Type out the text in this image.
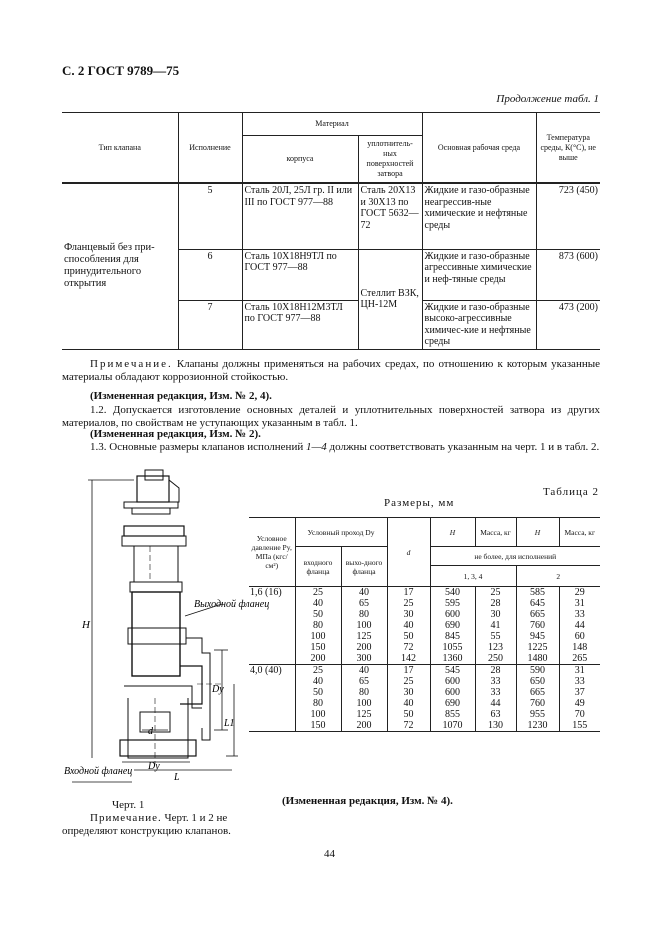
С. 2 ГОСТ 9789—75
Продолжение табл. 1
Тип клапана	Исполнение	Материал		Основная рабочая среда	Температура среды, К(°С), не выше
		корпуса	уплотнитель-ных поверхностей затвора		
Фланцевый без при-способления для принудительного открытия	5	Сталь 20Л, 25Л гр. II или III по ГОСТ 977—88	Сталь 20Х13 и 30Х13 по ГОСТ 5632—72	Жидкие и газо-образные неагрессив-ные химические и нефтяные среды	723 (450)
	6	Сталь 10Х18Н9ТЛ по ГОСТ 977—88	Стеллит ВЗК, ЦН-12М	Жидкие и газо-образные агрессивные химические и неф-тяные среды	873 (600)
	7	Сталь 10Х18Н12М3ТЛ по ГОСТ 977—88		Жидкие и газо-образные высоко-агрессивные химичес-кие и нефтяные среды	473 (200)
Примечание. Клапаны должны применяться на рабочих средах, по отношению к которым указанные материалы обладают коррозионной стойкостью.
(Измененная редакция, Изм. № 2, 4).
1.2. Допускается изготовление основных деталей и уплотнительных поверхностей затвора из других материалов, по свойствам не уступающих указанным в табл. 1.
(Измененная редакция, Изм. № 2).
1.3. Основные размеры клапанов исполнений 1—4 должны соответствовать указанным на черт. 1 и в табл. 2.
Таблица 2
Размеры, мм
Условное давление Py, МПа (кгс/см²)	Условный проход Dy		d	H	Масса, кг	H	Масса, кг
	входного фланца	выхо-дного фланца		не более, для исполнений			
				1, 3, 4		2	
1,6 (16)	25	40	17	540	25	585	29
	40	65	25	595	28	645	31
	50	80	30	600	30	665	33
	80	100	40	690	41	760	44
	100	125	50	845	55	945	60
	150	200	72	1055	123	1225	148
	200	300	142	1360	250	1480	265
4,0 (40)	25	40	17	545	28	590	31
	40	65	25	600	33	650	33
	50	80	30	600	33	665	37
	80	100	40	690	44	760	49
	100	125	50	855	63	955	70
	150	200	72	1070	130	1230	155
Выходной фланец
Входной фланец
H
Dy
L1
d
Dy
L
Черт. 1
Примечание. Черт. 1 и 2 не определяют конструкцию клапанов.
(Измененная редакция, Изм. № 4).
44
